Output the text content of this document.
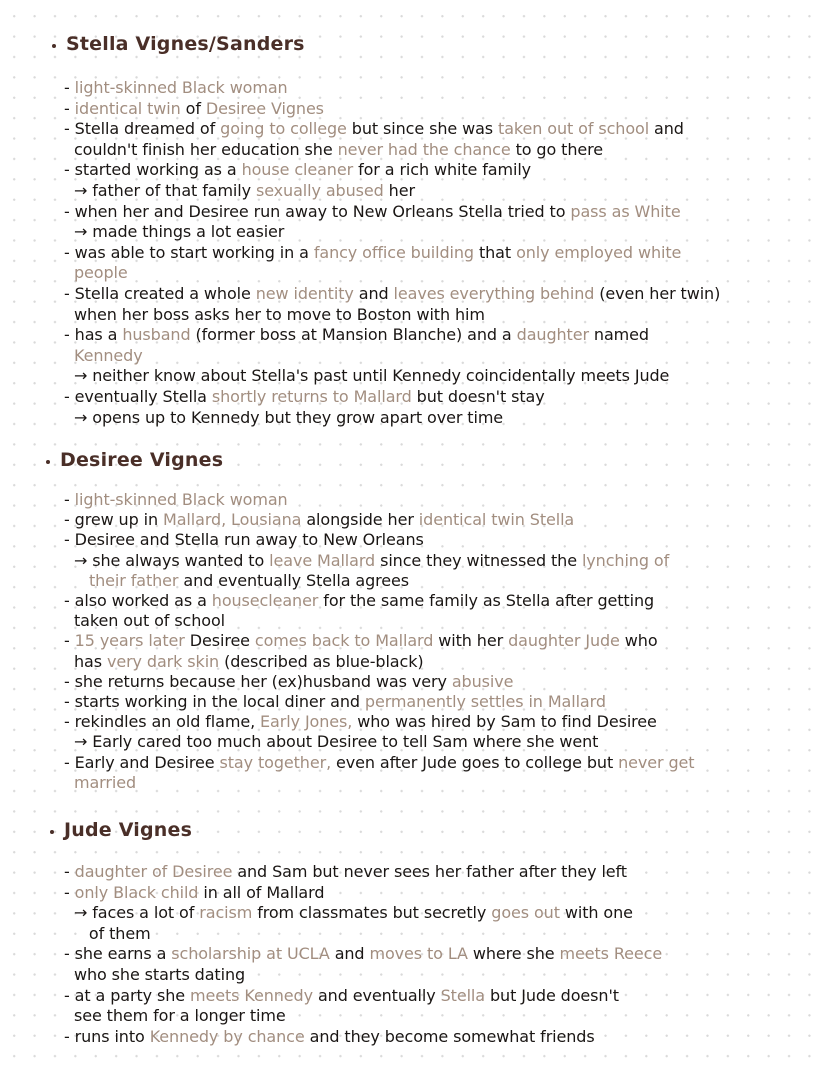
Stella Vignes/Sanders
- light-skinned Black woman
- identical twin of Desiree Vignes
- Stella dreamed of going to college but since she was taken out of school and
couldn't finish her education she never had the chance to go there
- started working as a house cleaner for a rich white family
→ father of that family sexually abused her
- when her and Desiree run away to New Orleans Stella tried to pass as White
→ made things a lot easier
- was able to start working in a fancy office building that only employed white
people
- Stella created a whole new identity and leaves everything behind (even her twin)
when her boss asks her to move to Boston with him
- has a husband (former boss at Mansion Blanche) and a daughter named
Kennedy
→ neither know about Stella's past until Kennedy coincidentally meets Jude
- eventually Stella shortly returns to Mallard but doesn't stay
→ opens up to Kennedy but they grow apart over time
Desiree Vignes
- light-skinned Black woman
- grew up in Mallard, Lousiana alongside her identical twin Stella
- Desiree and Stella run away to New Orleans
→ she always wanted to leave Mallard since they witnessed the lynching of
their father and eventually Stella agrees
- also worked as a housecleaner for the same family as Stella after getting
taken out of school
- 15 years later Desiree comes back to Mallard with her daughter Jude who
has very dark skin (described as blue-black)
- she returns because her (ex)husband was very abusive
- starts working in the local diner and permanently settles in Mallard
- rekindles an old flame, Early Jones, who was hired by Sam to find Desiree
→ Early cared too much about Desiree to tell Sam where she went
- Early and Desiree stay together, even after Jude goes to college but never get
married
Jude Vignes
- daughter of Desiree and Sam but never sees her father after they left
- only Black child in all of Mallard
→ faces a lot of racism from classmates but secretly goes out with one
of them
- she earns a scholarship at UCLA and moves to LA where she meets Reece
who she starts dating
- at a party she meets Kennedy and eventually Stella but Jude doesn't
see them for a longer time
- runs into Kennedy by chance and they become somewhat friends
